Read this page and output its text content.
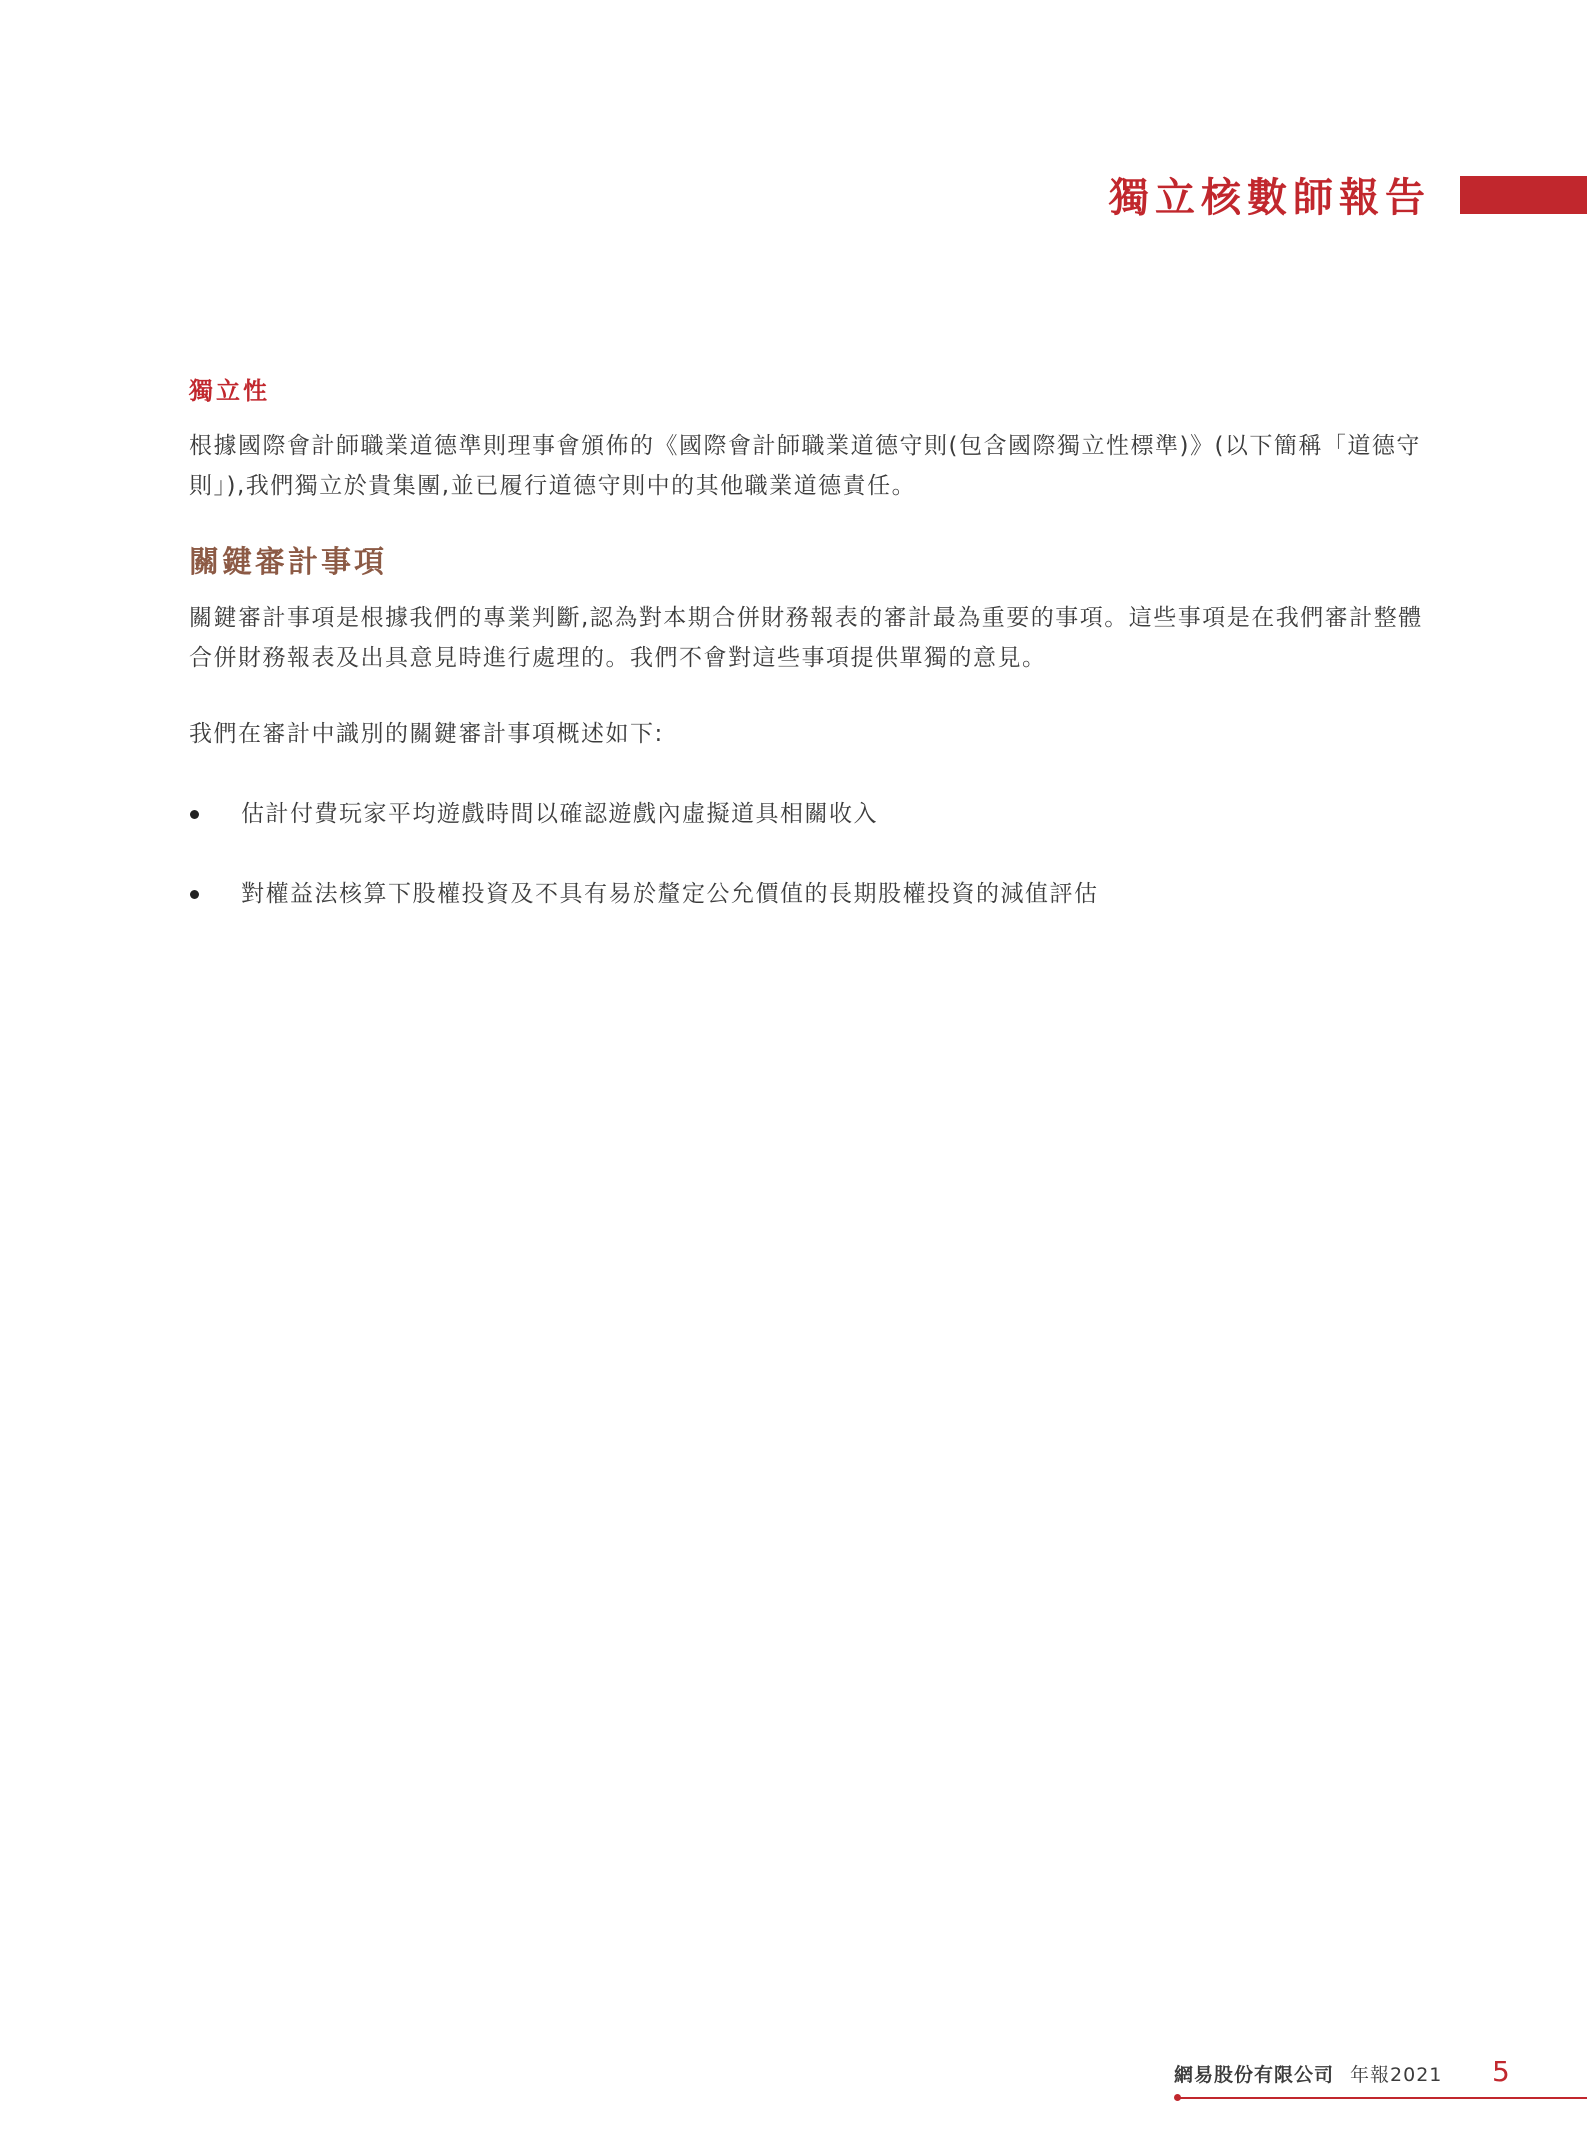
獨立核數師報告
獨立性

根據國際會計師職業道德準則理事會頒佈的《國際會計師職業道德守則(包含國際獨立性標準)》(以下簡稱「道德守則」),我們獨立於貴集團,並已履行道德守則中的其他職業道德責任。

關鍵審計事項

關鍵審計事項是根據我們的專業判斷,認為對本期合併財務報表的審計最為重要的事項。這些事項是在我們審計整體合併財務報表及出具意見時進行處理的。我們不會對這些事項提供單獨的意見。

我們在審計中識別的關鍵審計事項概述如下:

估計付費玩家平均遊戲時間以確認遊戲內虛擬道具相關收入
對權益法核算下股權投資及不具有易於釐定公允價值的長期股權投資的減值評估
網易股份有限公司 年報2021 5
